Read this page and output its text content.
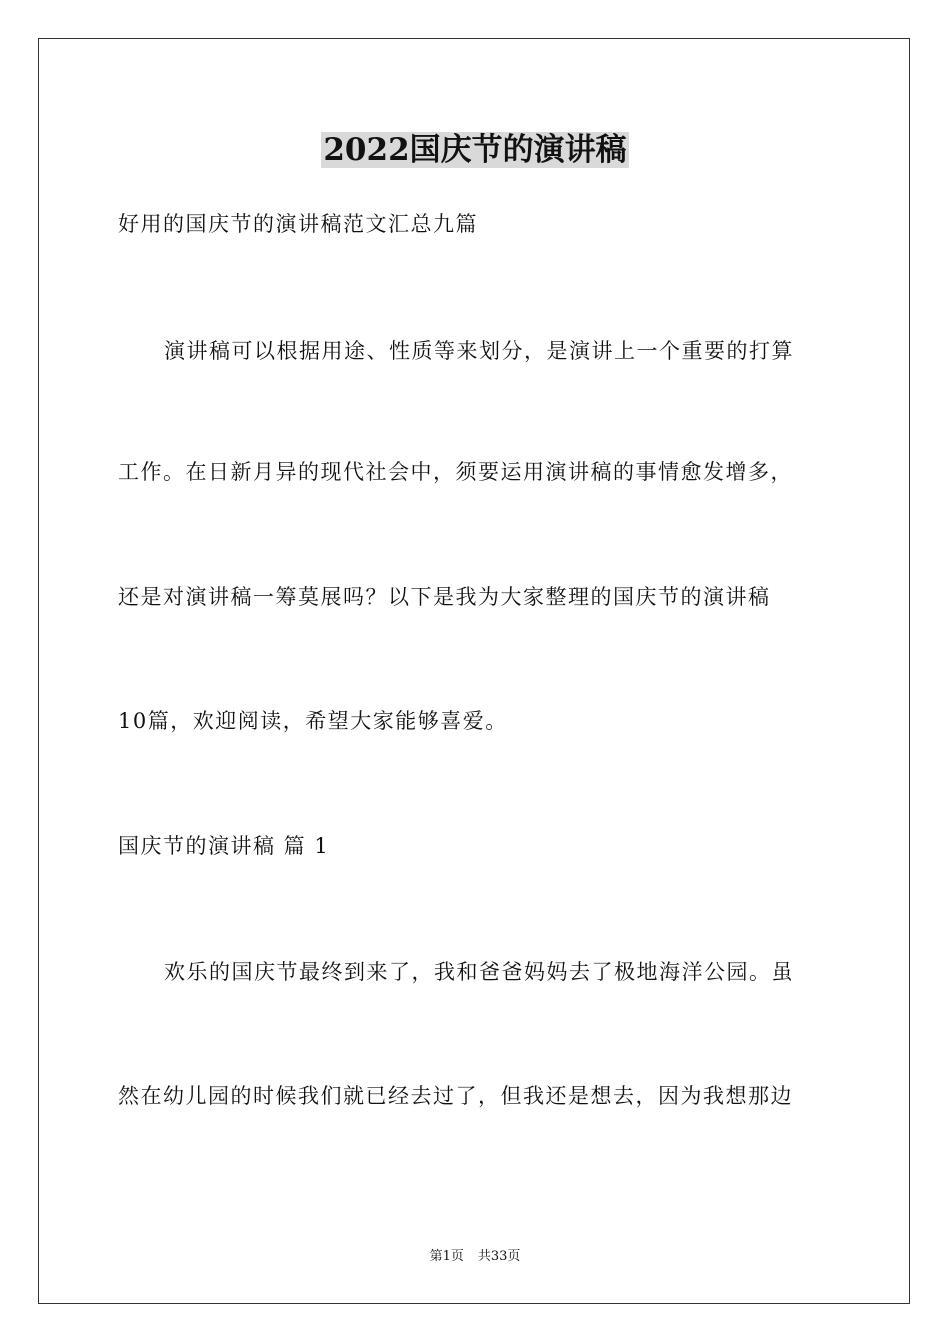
2022国庆节的演讲稿
好用的国庆节的演讲稿范文汇总九篇
演讲稿可以根据用途、性质等来划分，是演讲上一个重要的打算
工作。在日新月异的现代社会中，须要运用演讲稿的事情愈发增多，
还是对演讲稿一筹莫展吗？以下是我为大家整理的国庆节的演讲稿
10篇，欢迎阅读，希望大家能够喜爱。
国庆节的演讲稿 篇 1
欢乐的国庆节最终到来了，我和爸爸妈妈去了极地海洋公园。虽
然在幼儿园的时候我们就已经去过了，但我还是想去，因为我想那边
第1页 共33页
